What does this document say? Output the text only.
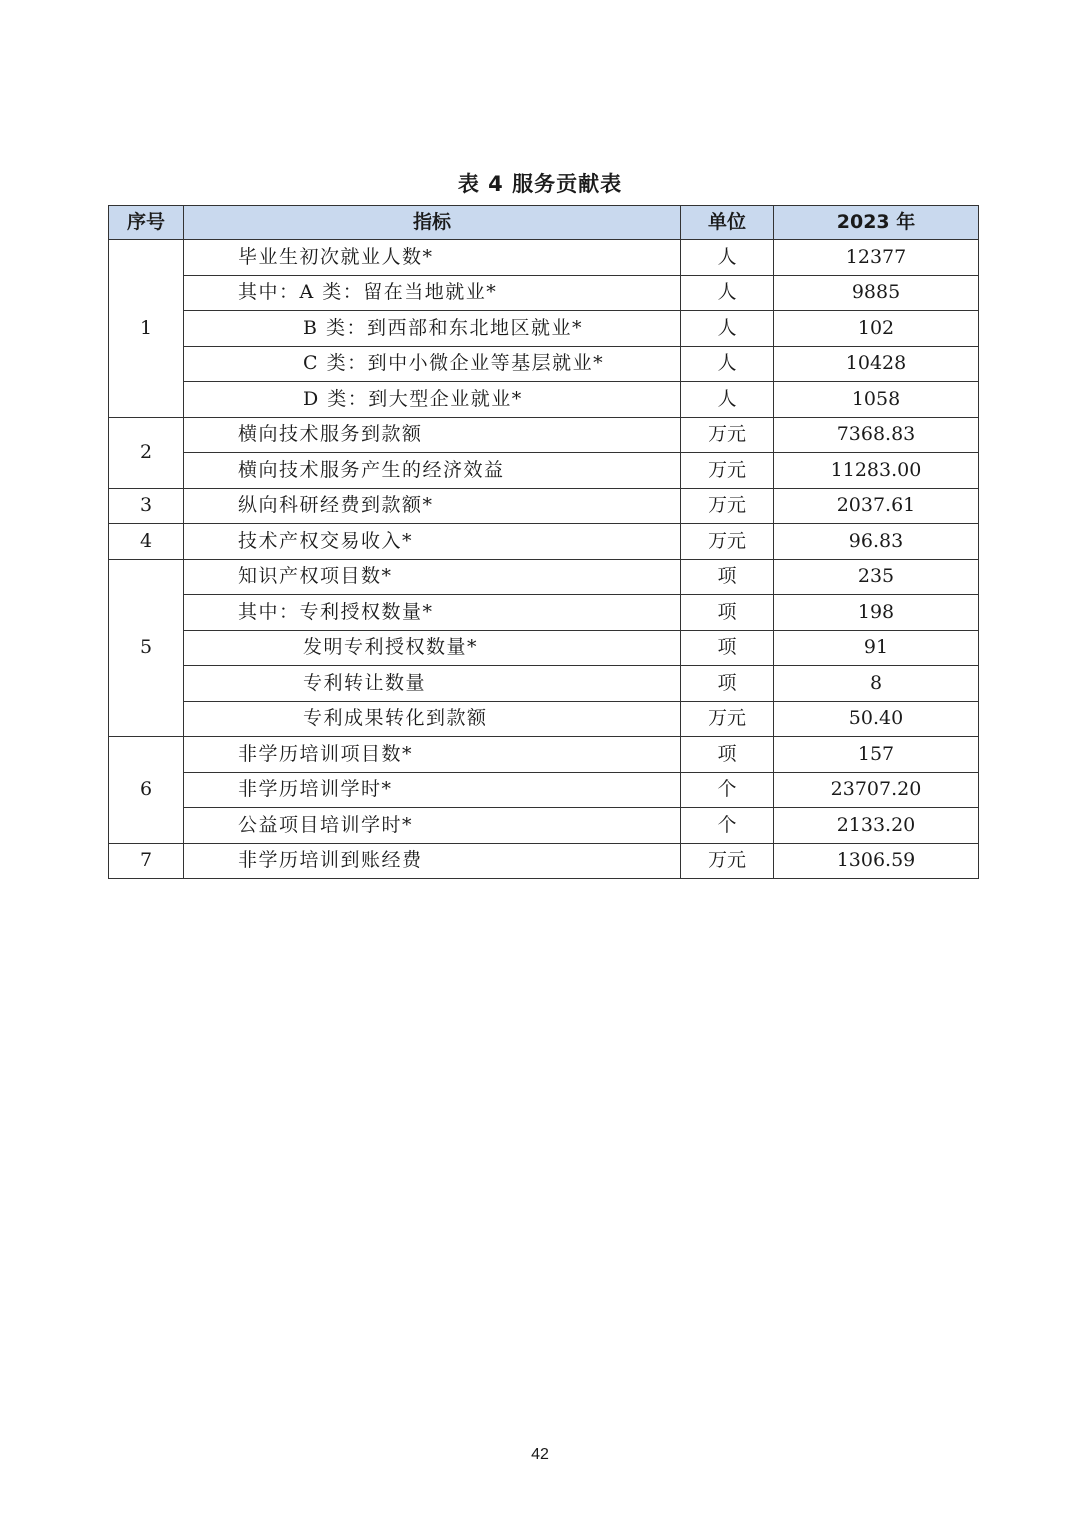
表 4 服务贡献表
序号	指标	单位	2023 年
1	毕业生初次就业人数*	人	12377
	其中：A 类：留在当地就业*	人	9885
	B 类：到西部和东北地区就业*	人	102
	C 类：到中小微企业等基层就业*	人	10428
	D 类：到大型企业就业*	人	1058
2	横向技术服务到款额	万元	7368.83
	横向技术服务产生的经济效益	万元	11283.00
3	纵向科研经费到款额*	万元	2037.61
4	技术产权交易收入*	万元	96.83
5	知识产权项目数*	项	235
	其中：专利授权数量*	项	198
	发明专利授权数量*	项	91
	专利转让数量	项	8
	专利成果转化到款额	万元	50.40
6	非学历培训项目数*	项	157
	非学历培训学时*	个	23707.20
	公益项目培训学时*	个	2133.20
7	非学历培训到账经费	万元	1306.59
42
